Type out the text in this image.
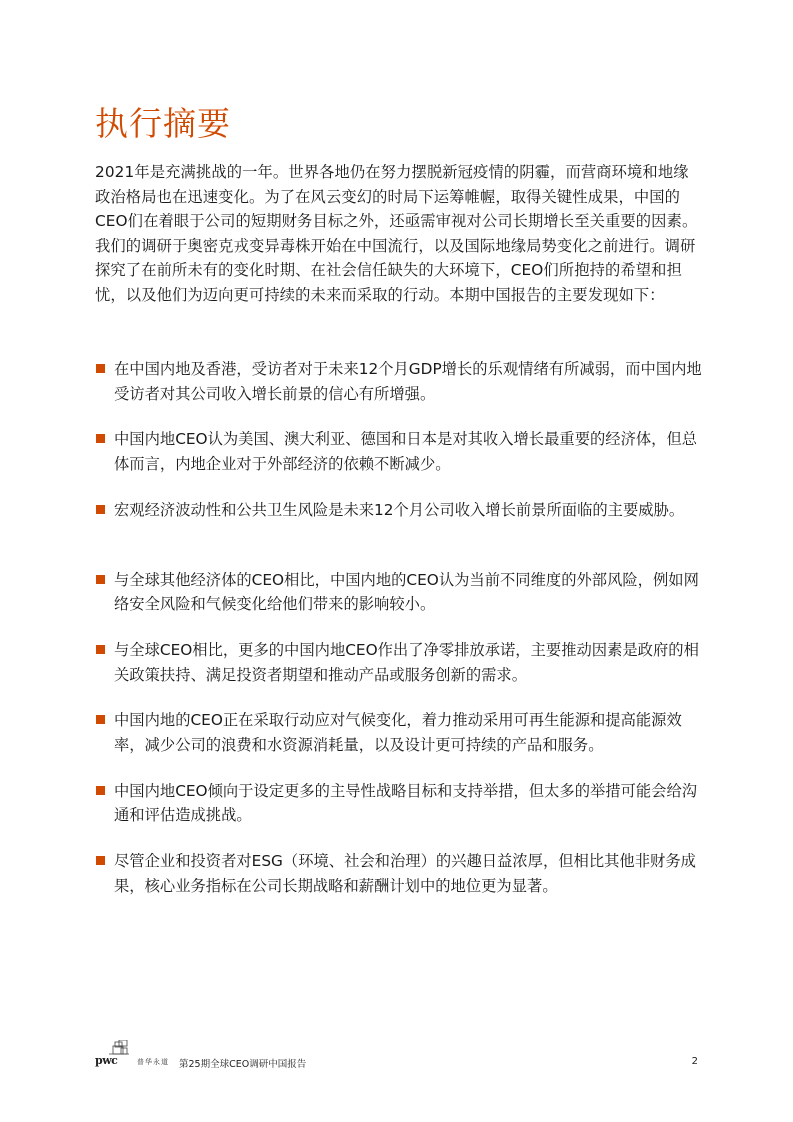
执行摘要

2021年是充满挑战的一年。世界各地仍在努力摆脱新冠疫情的阴霾，而营商环境和地缘政治格局也在迅速变化。为了在风云变幻的时局下运筹帷幄，取得关键性成果，中国的CEO们在着眼于公司的短期财务目标之外，还亟需审视对公司长期增长至关重要的因素。我们的调研于奥密克戎变异毒株开始在中国流行，以及国际地缘局势变化之前进行。调研探究了在前所未有的变化时期、在社会信任缺失的大环境下，CEO们所抱持的希望和担忧，以及他们为迈向更可持续的未来而采取的行动。本期中国报告的主要发现如下：

在中国内地及香港，受访者对于未来12个月GDP增长的乐观情绪有所减弱，而中国内地受访者对其公司收入增长前景的信心有所增强。
中国内地CEO认为美国、澳大利亚、德国和日本是对其收入增长最重要的经济体，但总体而言，内地企业对于外部经济的依赖不断减少。
宏观经济波动性和公共卫生风险是未来12个月公司收入增长前景所面临的主要威胁。
与全球其他经济体的CEO相比，中国内地的CEO认为当前不同维度的外部风险，例如网络安全风险和气候变化给他们带来的影响较小。
与全球CEO相比，更多的中国内地CEO作出了净零排放承诺，主要推动因素是政府的相关政策扶持、满足投资者期望和推动产品或服务创新的需求。
中国内地的CEO正在采取行动应对气候变化，着力推动采用可再生能源和提高能源效率，减少公司的浪费和水资源消耗量，以及设计更可持续的产品和服务。
中国内地CEO倾向于设定更多的主导性战略目标和支持举措，但太多的举措可能会给沟通和评估造成挑战。
尽管企业和投资者对ESG（环境、社会和治理）的兴趣日益浓厚，但相比其他非财务成果，核心业务指标在公司长期战略和薪酬计划中的地位更为显著。
pwc	普华永道 第25期全球CEO调研中国报告	2
